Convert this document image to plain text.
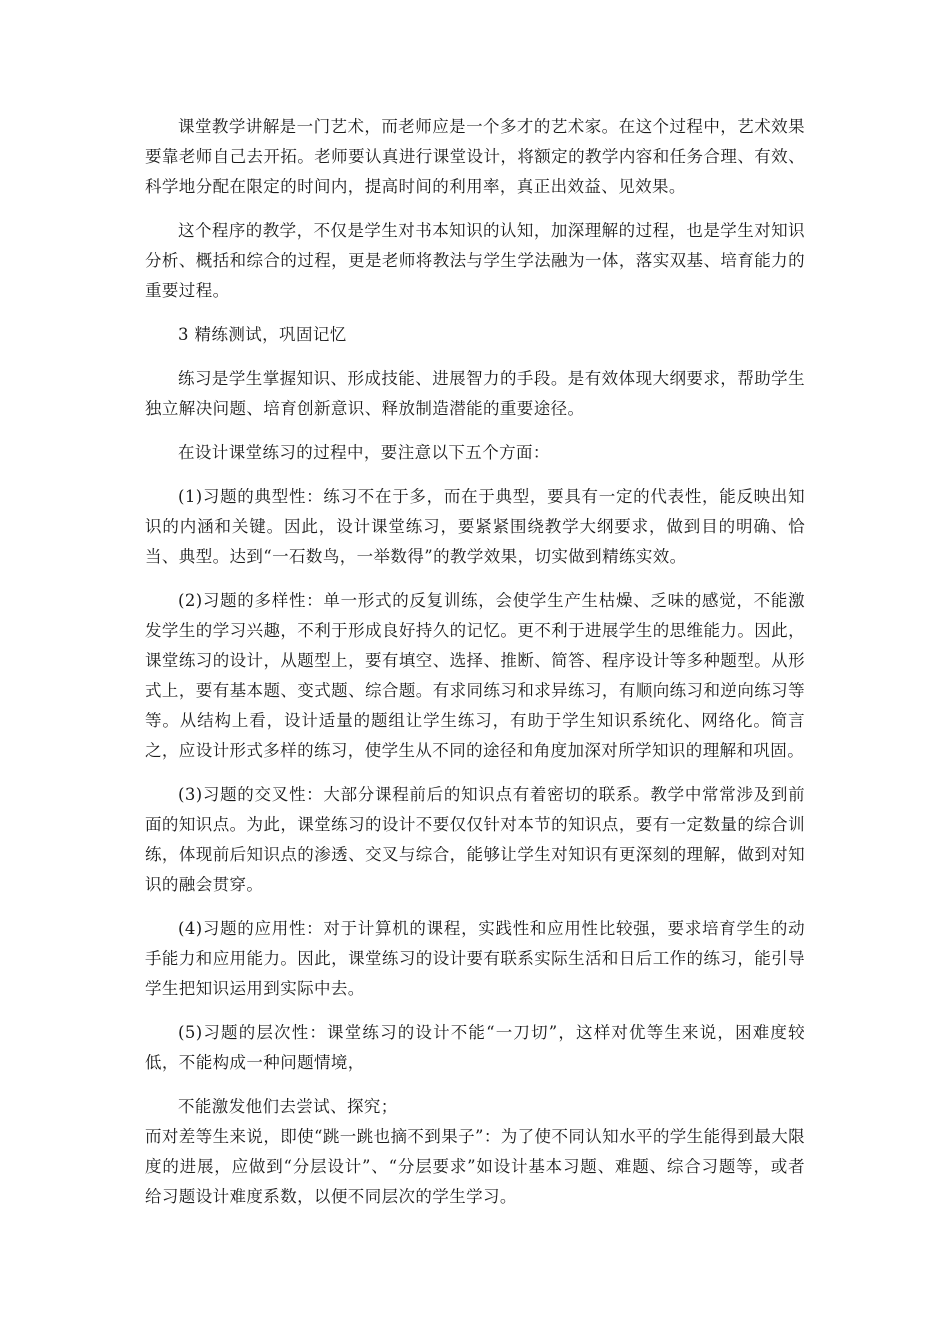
课堂教学讲解是一门艺术，而老师应是一个多才的艺术家。在这个过程中，艺术效果要靠老师自己去开拓。老师要认真进行课堂设计，将额定的教学内容和任务合理、有效、科学地分配在限定的时间内，提高时间的利用率，真正出效益、见效果。

这个程序的教学，不仅是学生对书本知识的认知，加深理解的过程，也是学生对知识分析、概括和综合的过程，更是老师将教法与学生学法融为一体，落实双基、培育能力的重要过程。

3 精练测试，巩固记忆

练习是学生掌握知识、形成技能、进展智力的手段。是有效体现大纲要求，帮助学生独立解决问题、培育创新意识、释放制造潜能的重要途径。

在设计课堂练习的过程中，要注意以下五个方面：

(1)习题的典型性：练习不在于多，而在于典型，要具有一定的代表性，能反映出知识的内涵和关键。因此，设计课堂练习，要紧紧围绕教学大纲要求，做到目的明确、恰当、典型。达到“一石数鸟，一举数得”的教学效果，切实做到精练实效。

(2)习题的多样性：单一形式的反复训练，会使学生产生枯燥、乏味的感觉，不能激发学生的学习兴趣，不利于形成良好持久的记忆。更不利于进展学生的思维能力。因此，课堂练习的设计，从题型上，要有填空、选择、推断、简答、程序设计等多种题型。从形式上，要有基本题、变式题、综合题。有求同练习和求异练习，有顺向练习和逆向练习等等。从结构上看，设计适量的题组让学生练习，有助于学生知识系统化、网络化。简言之，应设计形式多样的练习，使学生从不同的途径和角度加深对所学知识的理解和巩固。

(3)习题的交叉性：大部分课程前后的知识点有着密切的联系。教学中常常涉及到前面的知识点。为此，课堂练习的设计不要仅仅针对本节的知识点，要有一定数量的综合训练，体现前后知识点的渗透、交叉与综合，能够让学生对知识有更深刻的理解，做到对知识的融会贯穿。

(4)习题的应用性：对于计算机的课程，实践性和应用性比较强，要求培育学生的动手能力和应用能力。因此，课堂练习的设计要有联系实际生活和日后工作的练习，能引导学生把知识运用到实际中去。

(5)习题的层次性：课堂练习的设计不能“一刀切”，这样对优等生来说，困难度较低，不能构成一种问题情境，

不能激发他们去尝试、探究；

而对差等生来说，即使“跳一跳也摘不到果子”：为了使不同认知水平的学生能得到最大限度的进展，应做到“分层设计”、“分层要求”如设计基本习题、难题、综合习题等，或者给习题设计难度系数，以便不同层次的学生学习。
